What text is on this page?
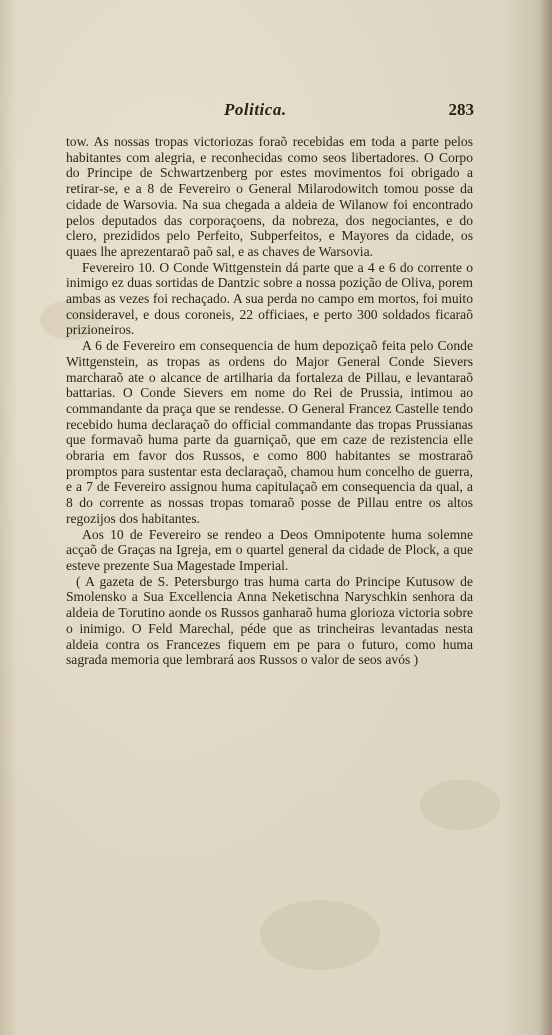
Politica.	283

tow. As nossas tropas victoriozas foraõ recebidas em toda a parte pelos habitantes com alegria, e reconhecidas como seos libertadores. O Corpo do Principe de Schwartzenberg por estes movimentos foi obrigado a retirar-se, e a 8 de Fevereiro o General Milarodowitch tomou posse da cidade de Warsovia. Na sua chegada a aldeia de Wilanow foi encontrado pelos deputados das corporaçoens, da nobreza, dos negociantes, e do clero, prezididos pelo Perfeito, Subperfeitos, e Mayores da cidade, os quaes lhe aprezentaraõ paõ sal, e as chaves de Warsovia.

Fevereiro 10. O Conde Wittgenstein dá parte que a 4 e 6 do corrente o inimigo ez duas sortidas de Dantzic sobre a nossa pozição de Oliva, porem ambas as vezes foi rechaçado. A sua perda no campo em mortos, foi muito consideravel, e dous coroneis, 22 officiaes, e perto 300 soldados ficaraõ prizioneiros.

A 6 de Fevereiro em consequencia de hum depoziçaõ feita pelo Conde Wittgenstein, as tropas as ordens do Major General Conde Sievers marcharaõ ate o alcance de artilharia da fortaleza de Pillau, e levantaraõ battarias. O Conde Sievers em nome do Rei de Prussia, intimou ao commandante da praça que se rendesse. O General Francez Castelle tendo recebido huma declaraçaõ do official commandante das tropas Prussianas que formavaõ huma parte da guarniçaõ, que em caze de rezistencia elle obraria em favor dos Russos, e como 800 habitantes se mostraraõ promptos para sustentar esta declaraçaõ, chamou hum concelho de guerra, e a 7 de Fevereiro assignou huma capitulaçaõ em consequencia da qual, a 8 do corrente as nossas tropas tomaraõ posse de Pillau entre os altos regozijos dos habitantes.

Aos 10 de Fevereiro se rendeo a Deos Omnipotente huma solemne acçaõ de Graças na Igreja, em o quartel general da cidade de Plock, a que esteve prezente Sua Magestade Imperial.

( A gazeta de S. Petersburgo tras huma carta do Principe Kutusow de Smolensko a Sua Excellencia Anna Neketischna Naryschkin senhora da aldeia de Torutino aonde os Russos ganharaõ huma glorioza victoria sobre o inimigo. O Feld Marechal, péde que as trincheiras levantadas nesta aldeia contra os Francezes fiquem em pe para o futuro, como huma sagrada memoria que lembrará aos Russos o valor de seos avós )
